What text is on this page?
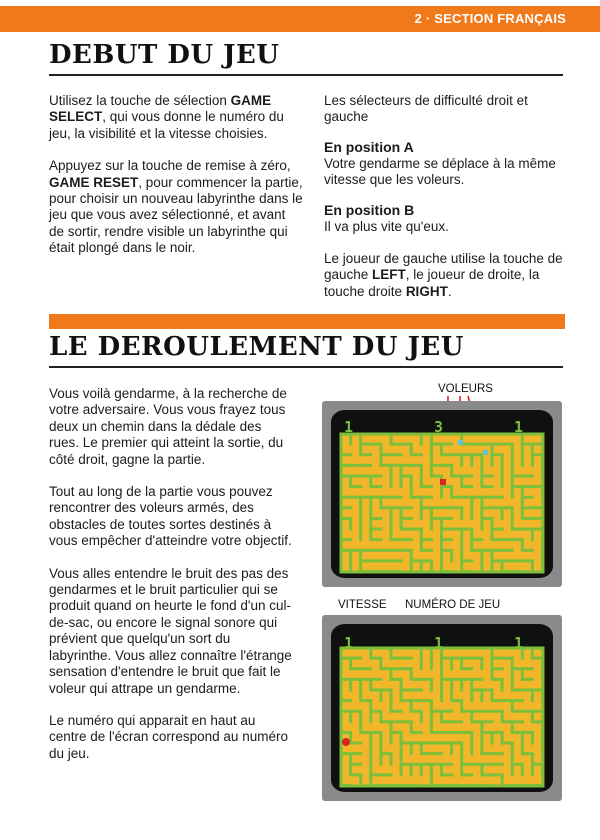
2 · SECTION FRANÇAIS
DEBUT DU JEU

Utilisez la touche de sélection GAME SELECT, qui vous donne le numéro du jeu, la visibilité et la vitesse choisies.

Appuyez sur la touche de remise à zéro, GAME RESET, pour commencer la partie, pour choisir un nouveau labyrinthe dans le jeu que vous avez sélectionné, et avant de sortir, rendre visible un labyrinthe qui était plongé dans le noir.

Les sélecteurs de difficulté droit et gauche

En position A

Votre gendarme se déplace à la même vitesse que les voleurs.

En position B

Il va plus vite qu'eux.

Le joueur de gauche utilise la touche de gauche LEFT, le joueur de droite, la touche droite RIGHT.

LE DEROULEMENT DU JEU

Vous voilà gendarme, à la recherche de votre adversaire. Vous vous frayez tous deux un chemin dans la dédale des rues. Le premier qui atteint la sortie, du côté droit, gagne la partie.

Tout au long de la partie vous pouvez rencontrer des voleurs armés, des obstacles de toutes sortes destinés à vous empêcher d'atteindre votre objectif.

Vous alles entendre le bruit des pas des gendarmes et le bruit particulier qui se produit quand on heurte le fond d'un cul-de-sac, ou encore le signal sonore qui prévient que quelqu'un sort du labyrinthe. Vous allez connaître l'étrange sensation d'entendre le bruit que fait le voleur qui attrape un gendarme.

Le numéro qui apparait en haut au centre de l'écran correspond au numéro du jeu.

VOLEURS
1	3	1
VITESSE NUMÉRO DE JEU
1	1	1
